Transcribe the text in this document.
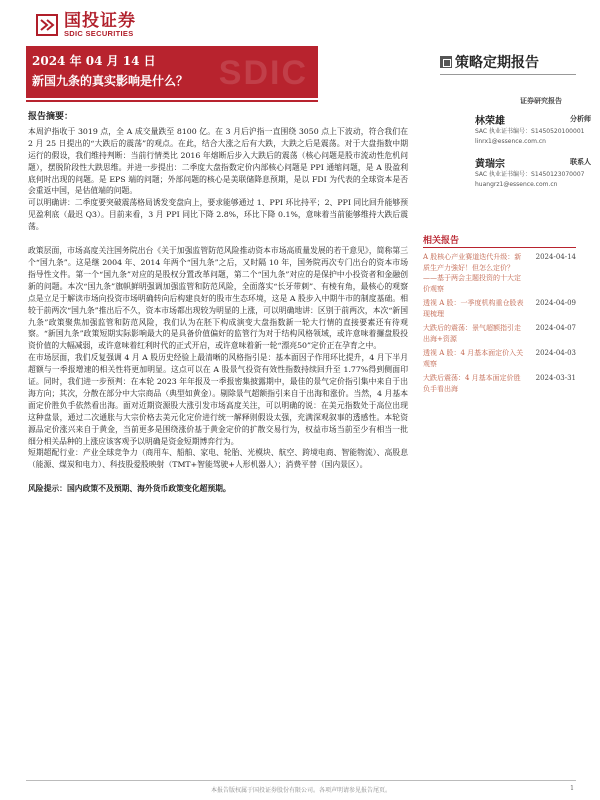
国投证券
SDIC SECURITIES
SDIC
2024 年 04 月 14 日
新国九条的真实影响是什么？
策略定期报告
证券研究报告
林荣雄	分析师
SAC 执业证书编号：S1450520100001
linrx1@essence.com.cn
黄瑞宗	联系人
SAC 执业证书编号：S1450123070007
huangrz1@essence.com.cn
相关报告
A 股核心产业赛道迭代升级：新质生产力強好！但怎么定价？——基于两会主题投资的十大定价观察
2024-04-14
透视 A 股：一季度机构重仓股表现梳理
2024-04-09
大跌后的震荡：景气超额指引走出海+资源
2024-04-07
透视 A 股：4 月基本面定价入关观察
2024-04-03
大跌后震荡：4 月基本面定价胜负手看出海
2024-03-31
报告摘要：

本周沪指收于 3019 点，全 A 成交量跌至 8100 亿。在 3 月后沪指一直围绕 3050 点上下波动，符合我们在 2 月 25 日提出的“大跌后的震荡”的观点。在此，结合大涨之后有大跌，大跌之后是震荡。对于大盘指数中期运行的假设，我们维持判断：当前行情类比 2016 年熔断后步入大跌后的震荡（核心问题是股市流动性危机问题），摆脱阶段性大跌思维。并进一步提出：二季度大盘指数定价内部核心问题是 PPI 通缩问题，是 A 股盈利底何时出现的问题。是 EPS 端的问题；外部问题的核心是美联储降息预期，是以 FDI 为代表的全球资本是否会重返中国，是估值端的问题。

可以明确讲：二季度要突破震荡格局诱发变盘向上，要求能够通过 1、PPI 环比持平；2、PPI 同比回升能够预见盈利底（最迟 Q3）。目前来看，3 月 PPI 同比下降 2.8%，环比下降 0.1%，意味着当前能够维持大跌后震荡。

政策层面，市场高度关注国务院出台《关于加强监管防范风险推动资本市场高质量发展的若干意见》，简称第三个“国九条”。这是继 2004 年、2014 年两个“国九条”之后，又时隔 10 年，国务院再次专门出台的资本市场指导性文件。第一个“国九条”对应的是股权分置改革问题，第二个“国九条”对应的是保护中小投资者和金融创新的问题。本次“国九条”旗帜鲜明强调加强监管和防范风险，全面落实“长牙带刺”、有棱有角，最核心的观察点是立足于解读市场向投资市场明确转向后构建良好的股市生态环境，这是 A 股步入中期牛市的制度基础。相较于前两次“国九条”推出后不久，资本市场都出现较为明显的上涨，可以明确地讲：区别于前两次，本次“新国九条”政策聚焦加强监管和防范风险，我们认为在胚下构成演变大盘指数新一轮大行情的直接要素还有待观察。“新国九条”政策短期实际影响最大的是具备价值偏好的监管行为对于结构风格领域，或许意味着攞盘股投资价值的大幅减弱，或许意味着红利时代的正式开启，或许意味着新一轮“漂亮50”定价正在孕育之中。

在市场层面，我们反复强调 4 月 A 股历史经验上最清晰的风格指引是：基本面因子作用环比提升，4 月下半月超额与一季报增速的相关性将更加明显。这点可以在 A 股景气投资有效性指数持续回升至 1.77%得到侧面印证。同时，我们进一步预判：在本轮 2023 年年报及一季报密集披露期中，最佳的景气定价指引集中来自于出海方向；其次，分散在部分中大宗商品（典型如黄金）。剔除景气超额指引来自于出海和涨价。当然，4 月基本面定价胜负手依然看出海。面对近期资源股大涨引发市场高度关注，可以明确的说：在美元指数处于高位出现这种盘景，通过二次通胀与大宗价格去美元化定价进行统一解释则假设太强，充满深观叙事的透感性。本轮资源品定价涨兴来自于黄金，当前更多是围绕涨价基于黄金定价的扩散交易行为，权益市场当前至少有相当一批细分相关品种的上涨应该客观予以明确是资金短期博弈行为。

短期超配行业：产业全球竞争力（商用车、船舶、家电、轮胎、光模块、航空、跨境电商、智能物流）、高股息（能源、煤炭和电力）、科技股爱股映射（TMT+智能驾驶+人形机器人）；消费平替（国内景区）。

风险提示：国内政策不及预期、海外货币政策变化超预期。

本报告版权属于国投证券股份有限公司。各项声明请参见报告尾页。	1
